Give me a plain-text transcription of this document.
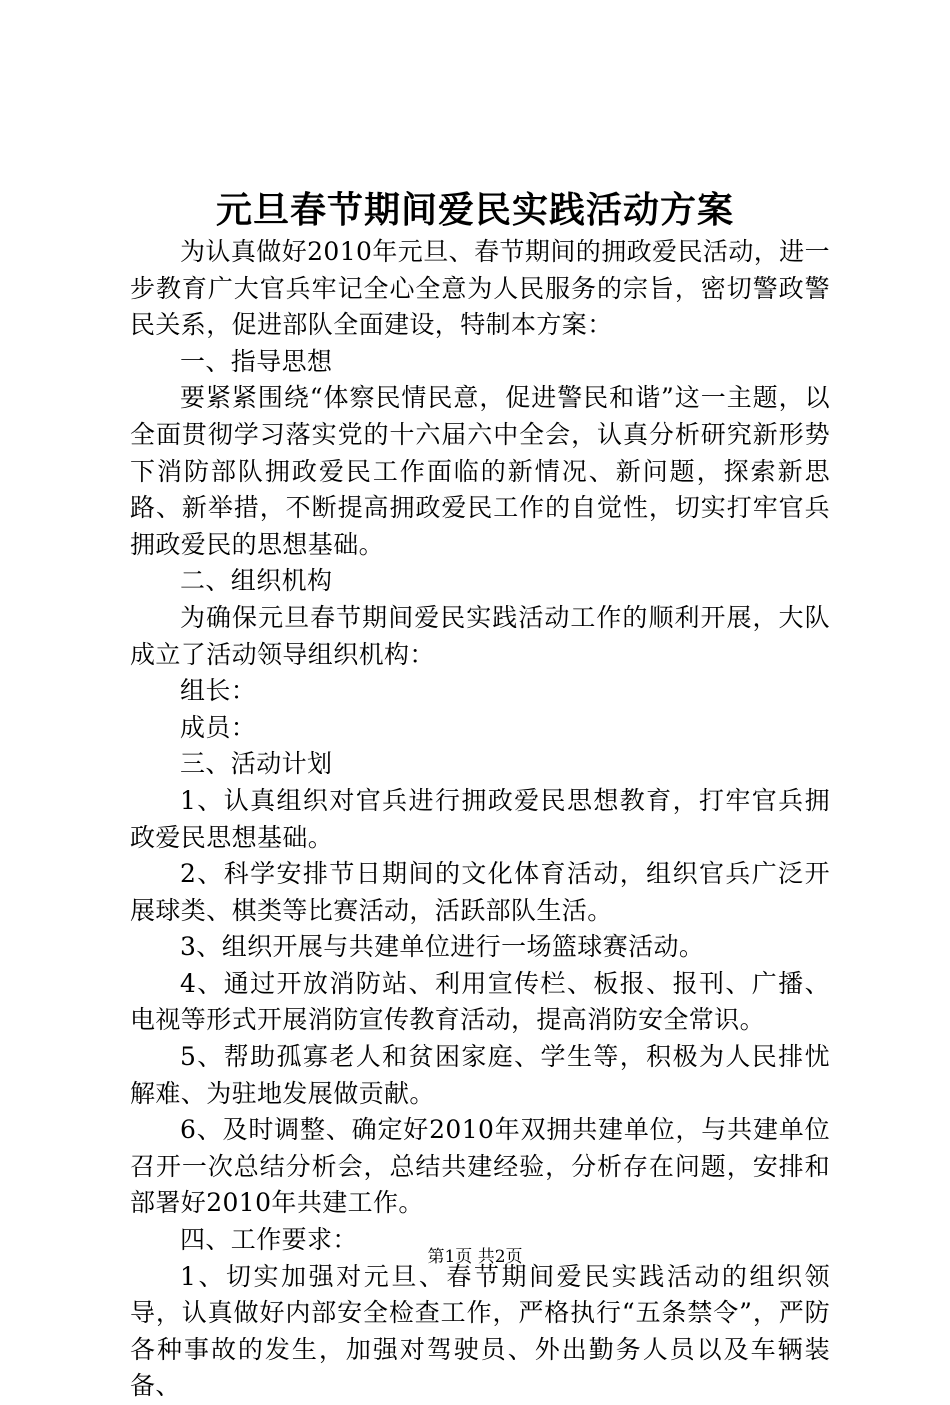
元旦春节期间爱民实践活动方案

为认真做好2010年元旦、春节期间的拥政爱民活动，进一步教育广大官兵牢记全心全意为人民服务的宗旨，密切警政警民关系，促进部队全面建设，特制本方案：

一、指导思想

要紧紧围绕“体察民情民意，促进警民和谐”这一主题，以全面贯彻学习落实党的十六届六中全会，认真分析研究新形势下消防部队拥政爱民工作面临的新情况、新问题，探索新思路、新举措，不断提高拥政爱民工作的自觉性，切实打牢官兵拥政爱民的思想基础。

二、组织机构

为确保元旦春节期间爱民实践活动工作的顺利开展，大队成立了活动领导组织机构：

组长：

成员：

三、活动计划

1、认真组织对官兵进行拥政爱民思想教育，打牢官兵拥政爱民思想基础。

2、科学安排节日期间的文化体育活动，组织官兵广泛开展球类、棋类等比赛活动，活跃部队生活。

3、组织开展与共建单位进行一场篮球赛活动。

4、通过开放消防站、利用宣传栏、板报、报刊、广播、电视等形式开展消防宣传教育活动，提高消防安全常识。

5、帮助孤寡老人和贫困家庭、学生等，积极为人民排忧解难、为驻地发展做贡献。

6、及时调整、确定好2010年双拥共建单位，与共建单位召开一次总结分析会，总结共建经验，分析存在问题，安排和部署好2010年共建工作。

四、工作要求：

1、切实加强对元旦、春节期间爱民实践活动的组织领导，认真做好内部安全检查工作，严格执行“五条禁令”，严防各种事故的发生，加强对驾驶员、外出勤务人员以及车辆装备、

第1页 共2页
